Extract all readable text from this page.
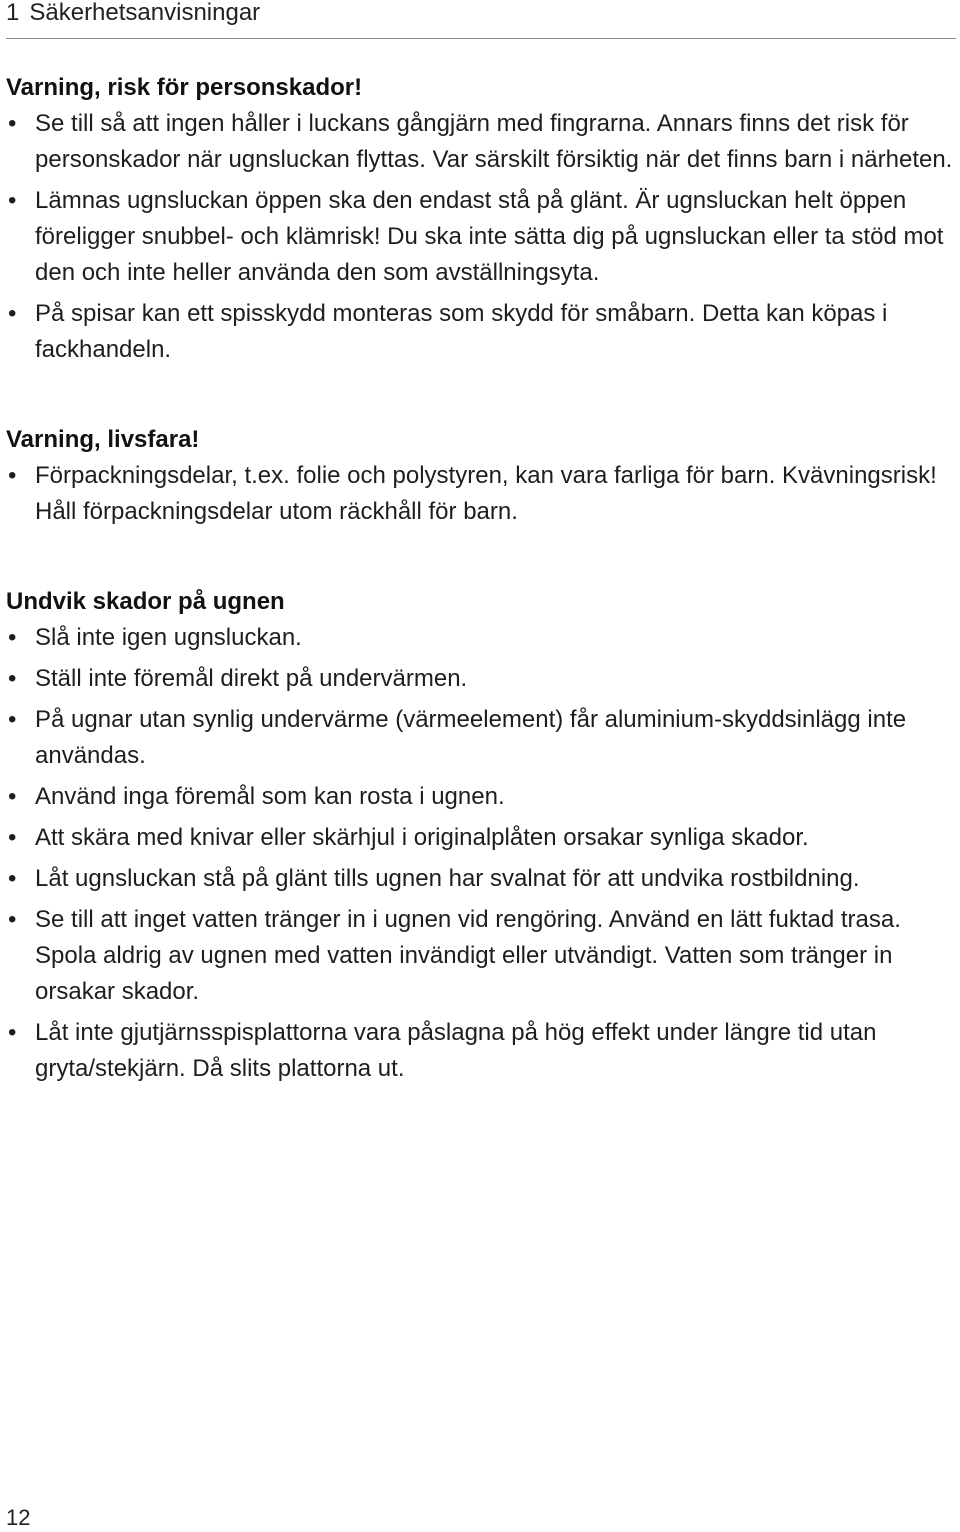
1 Säkerhetsanvisningar
Varning, risk för personskador!
• Se till så att ingen håller i luckans gångjärn med fingrarna. Annars finns det risk för personskador när ugnsluckan flyttas. Var särskilt försiktig när det finns barn i närheten.
• Lämnas ugnsluckan öppen ska den endast stå på glänt. Är ugnsluckan helt öppen föreligger snubbel- och klämrisk! Du ska inte sätta dig på ugnsluckan eller ta stöd mot den och inte heller använda den som avställningsyta.
• På spisar kan ett spisskydd monteras som skydd för småbarn. Detta kan köpas i fackhandeln.
Varning, livsfara!
• Förpackningsdelar, t.ex. folie och polystyren, kan vara farliga för barn. Kvävningsrisk! Håll förpackningsdelar utom räckhåll för barn.
Undvik skador på ugnen
• Slå inte igen ugnsluckan.
• Ställ inte föremål direkt på undervärmen.
• På ugnar utan synlig undervärme (värmeelement) får aluminium-skyddsinlägg inte användas.
• Använd inga föremål som kan rosta i ugnen.
• Att skära med knivar eller skärhjul i originalplåten orsakar synliga skador.
• Låt ugnsluckan stå på glänt tills ugnen har svalnat för att undvika rostbildning.
• Se till att inget vatten tränger in i ugnen vid rengöring. Använd en lätt fuktad trasa. Spola aldrig av ugnen med vatten invändigt eller utvändigt. Vatten som tränger in orsakar skador.
• Låt inte gjutjärnsspisplattorna vara påslagna på hög effekt under längre tid utan gryta/stekjärn. Då slits plattorna ut.
12
